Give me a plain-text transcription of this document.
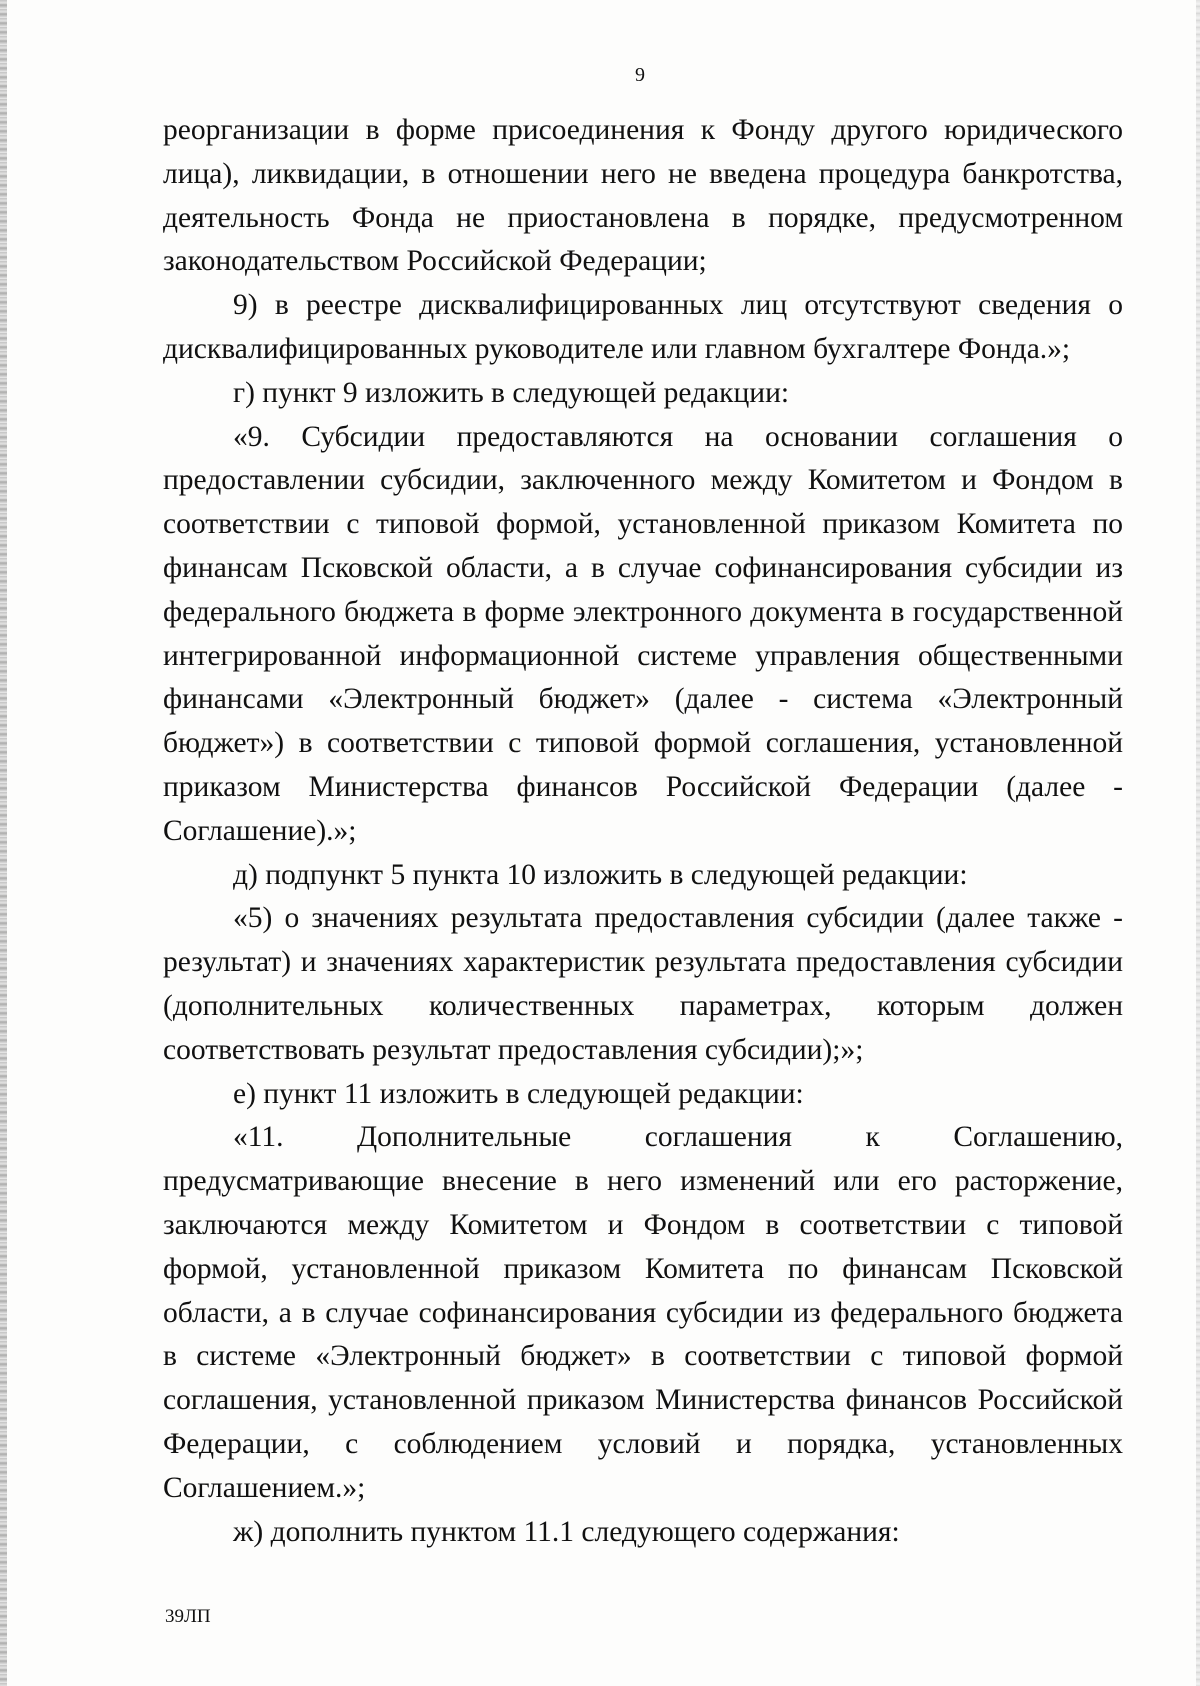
9

реорганизации в форме присоединения к Фонду другого юридического лица), ликвидации, в отношении него не введена процедура банкротства, деятельность Фонда не приостановлена в порядке, предусмотренном законодательством Российской Федерации;

9) в реестре дисквалифицированных лиц отсутствуют сведения о дисквалифицированных руководителе или главном бухгалтере Фонда.»;

г) пункт 9 изложить в следующей редакции:

«9. Субсидии предоставляются на основании соглашения о предоставлении субсидии, заключенного между Комитетом и Фондом в соответствии с типовой формой, установленной приказом Комитета по финансам Псковской области, а в случае софинансирования субсидии из федерального бюджета в форме электронного документа в государственной интегрированной информационной системе управления общественными финансами «Электронный бюджет» (далее - система «Электронный бюджет») в соответствии с типовой формой соглашения, установленной приказом Министерства финансов Российской Федерации (далее - Соглашение).»;

д) подпункт 5 пункта 10 изложить в следующей редакции:

«5) о значениях результата предоставления субсидии (далее также - результат) и значениях характеристик результата предоставления субсидии (дополнительных количественных параметрах, которым должен соответствовать результат предоставления субсидии);»;

е) пункт 11 изложить в следующей редакции:

«11. Дополнительные соглашения к Соглашению, предусматривающие внесение в него изменений или его расторжение, заключаются между Комитетом и Фондом в соответствии с типовой формой, установленной приказом Комитета по финансам Псковской области, а в случае софинансирования субсидии из федерального бюджета в системе «Электронный бюджет» в соответствии с типовой формой соглашения, установленной приказом Министерства финансов Российской Федерации, с соблюдением условий и порядка, установленных Соглашением.»;

ж) дополнить пунктом 11.1 следующего содержания:

39ЛП
